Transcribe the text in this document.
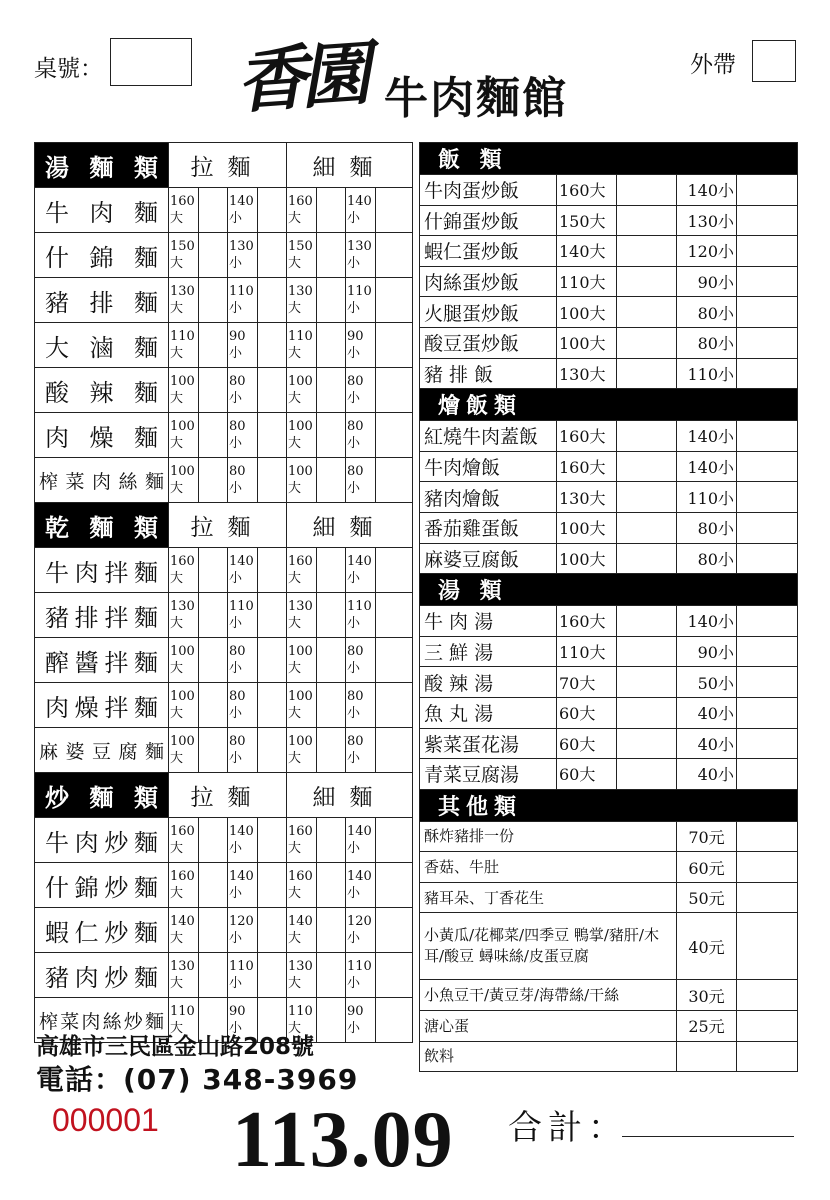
桌號： 香園 牛肉麵館
外帶
湯麵類	拉麵				細麵			
牛肉麵	160大		140小		160大		140小	
什錦麵	150大		130小		150大		130小	
豬排麵	130大		110小		130大		110小	
大滷麵	110大		90小		110大		90小	
酸辣麵	100大		80小		100大		80小	
肉燥麵	100大		80小		100大		80小	
榨菜肉絲麵	100大		80小		100大		80小	
乾麵類	拉麵				細麵			
牛肉拌麵	160大		140小		160大		140小	
豬排拌麵	130大		110小		130大		110小	
醡醬拌麵	100大		80小		100大		80小	
肉燥拌麵	100大		80小		100大		80小	
麻婆豆腐麵	100大		80小		100大		80小	
炒麵類	拉麵				細麵			
牛肉炒麵	160大		140小		160大		140小	
什錦炒麵	160大		140小		160大		140小	
蝦仁炒麵	140大		120小		140大		120小	
豬肉炒麵	130大		110小		130大		110小	
榨菜肉絲炒麵	110大		90小		110大		90小	
飯 類				
牛肉蛋炒飯	160大		140小	
什錦蛋炒飯	150大		130小	
蝦仁蛋炒飯	140大		120小	
肉絲蛋炒飯	110大		90小	
火腿蛋炒飯	100大		80小	
酸豆蛋炒飯	100大		80小	
豬 排 飯	130大		110小	
燴飯類				
紅燒牛肉蓋飯	160大		140小	
牛肉燴飯	160大		140小	
豬肉燴飯	130大		110小	
番茄雞蛋飯	100大		80小	
麻婆豆腐飯	100大		80小	
湯 類				
牛 肉 湯	160大		140小	
三 鮮 湯	110大		90小	
酸 辣 湯	70大		50小	
魚 丸 湯	60大		40小	
紫菜蛋花湯	60大		40小	
青菜豆腐湯	60大		40小	
其他類				
酥炸豬排一份			70元	
香菇、牛肚			60元	
豬耳朵、丁香花生			50元	
小黃瓜/花椰菜/四季豆 鴨掌/豬肝/木耳/酸豆 蟳味絲/皮蛋豆腐			40元	
小魚豆干/黃豆芽/海帶絲/干絲			30元	
溏心蛋			25元	
飲料				
高雄市三民區金山路208號
電話：(07) 348-3969
000001 113.09 合計：
